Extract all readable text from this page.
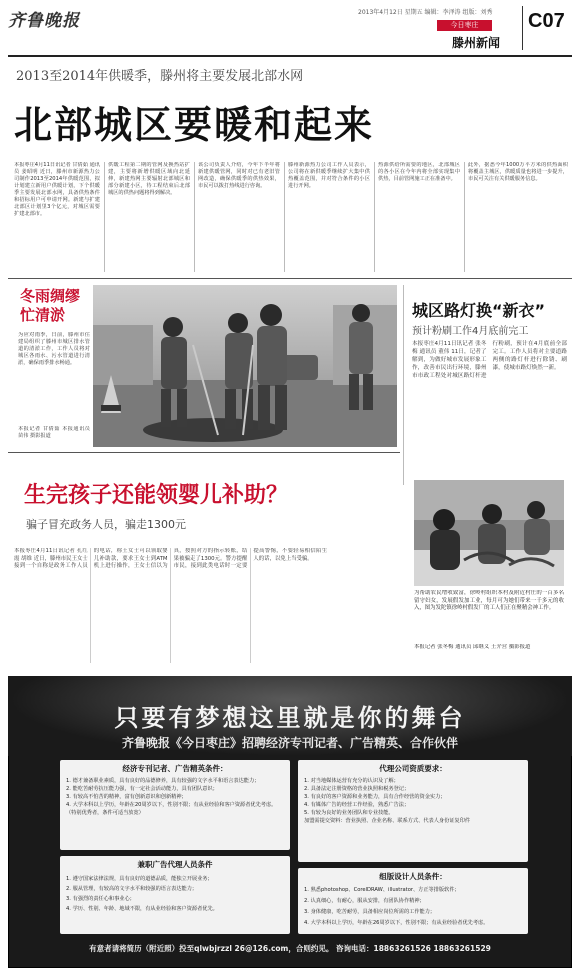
齐鲁晚报	2013年4月12日 星期五 编辑：李泽涛 组版：刘秀
今日枣庄
滕州新闻
C07
2013至2014年供暖季，滕州将主要发展北部水网
北部城区要暖和起来
本报枣庄4月11日讯记者 甘倩茹 通讯员 姜昭明 近日，滕州市新源热力公司制作2013至2014年供暖范围，拟计划建立新用户供暖计划，下个供暖季主要发展北部水网，具备供热条件和招标用户可申请开网。新建与扩建北部区计划里3个亿元，对城区需要扩建北部市。
供暖工程第二期的管网及换热站扩建，主要将新增供暖区域向北延伸，新建热网主要辐射北部城区和部分新建小区，待工程结束后北部城区的供热问题将得到解决。
该公司负责人介绍，今年下半年将新建供暖管网，同时对已有老旧管网改造，确保供暖季的供热效果，市民可以拨打热线进行咨询。
滕州新源热力公司工作人员表示，公司将在新供暖季继续扩大集中供热覆盖范围，并对符合条件的小区进行开网。
热源供给所需要的地区，北部城区的各小区在今年内将全部实现集中供热，目前管网施工正在准备中。
此外，据悉今年1000万平方米的供热面积将覆盖主城区，供暖质量也将进一步提升，市民可关注有关供暖服务信息。
冬雨绸缪
忙清淤
为应对雨季，日前，滕州市住建局组织了滕州市城区排水管道的清淤工作，工作人员将对城区各雨水、污水管道进行清淤，确保雨季排水畅通。
本报记者 甘倩茹 本报通讯员 苗伟 摄影报道
城区路灯换“新衣”
预计粉刷工作4月底前完工
本报枣庄4月11日讯记者 张冬梅 通讯员 董伟 11日，记者了解到，为做好城市发展形象工作，改善市民出行环境，滕州市市政工程处对城区路灯杆进行粉刷，预计在4月底前全部完工。工作人员将对主要道路两侧的路灯杆进行除锈、刷漆，使城市路灯焕然一新。
生完孩子还能领婴儿补助？
骗子冒充政务人员，骗走1300元
本报枣庄4月11日讯记者 孔红霞 胡维 近日，滕州市民王女士接到一个自称是政务工作人员的电话，称王女士可以领取婴儿补助款，要求王女士到ATM机上进行操作，王女士信以为真，按照对方的指示转账，结果被骗走了1300元。警方提醒市民，接到此类电话时一定要提高警惕，不要轻易相信陌生人的话，以免上当受骗。
为帮助农民增收致富，徐岭村组织本村及附近村庄的一百多名留守妇女，发展假发加工业，每月可为她们带来一千多元的收入，图为发陀镇徐岭村假发厂的工人们正在聚精会神工作。
本报记者 张冬梅 通讯员 邱继义 王介营 摄影报道
只要有梦想这里就是你的舞台
齐鲁晚报《今日枣庄》招聘经济专刊记者、广告精英、合作伙伴
经济专刊记者、广告精英条件：
1. 德才兼备职业素质，具有良好的品德修养，具有较强的文字水平和语言表达能力；
2. 能吃苦耐劳抗压能力强，有一定社会活动能力，具有团队意识；
3. 有较高不怕苦的精神，富有创新意识和创新精神；
4. 大学本科以上学历，年龄在20周岁以下，性别不限；有从业经验和客户资源者优先考虑。
（特别优秀者，条件可适当放宽）
代理公司资质要求：
1. 对当地媒体运营有充分的认识及了解；
2. 具备法定注册资格的营业执照和税务登记；
3. 有良好的客户资源和业务能力，具有合作经营的资金实力；
4. 有媒体广告的经营工作经验，熟悉广告法；
5. 有较为良好的业务团队和专业技能。
加盟需提交资料：营业执照、企业名称、联系方式、代表人身份证复印件
兼职广告代理人员条件
1. 遵守国家法律法规，具有良好的道德品质，能独立开展业务；
2. 服从管理，有较高的文字水平和较强的语言表达能力；
3. 有强烈的责任心和事业心；
4. 学历、性别、年龄、地域不限，有从业经验和客户资源者优先。
组版设计人员条件：
1. 熟悉photoshop、CorelDRAW、illustrator、方正等排版软件；
2. 认真细心，有耐心，服从安排，有团队协作精神；
3. 身体健康，吃苦耐劳，具备相应岗位所需的工作能力；
4. 大学本科以上学历，年龄在26周岁以下，性别不限；有从业经验者优先考虑。
有意者请将简历（附近照）投至qlwbjrzzl 26@126.com，合则约见。 咨询电话：18863261526 18863261529
